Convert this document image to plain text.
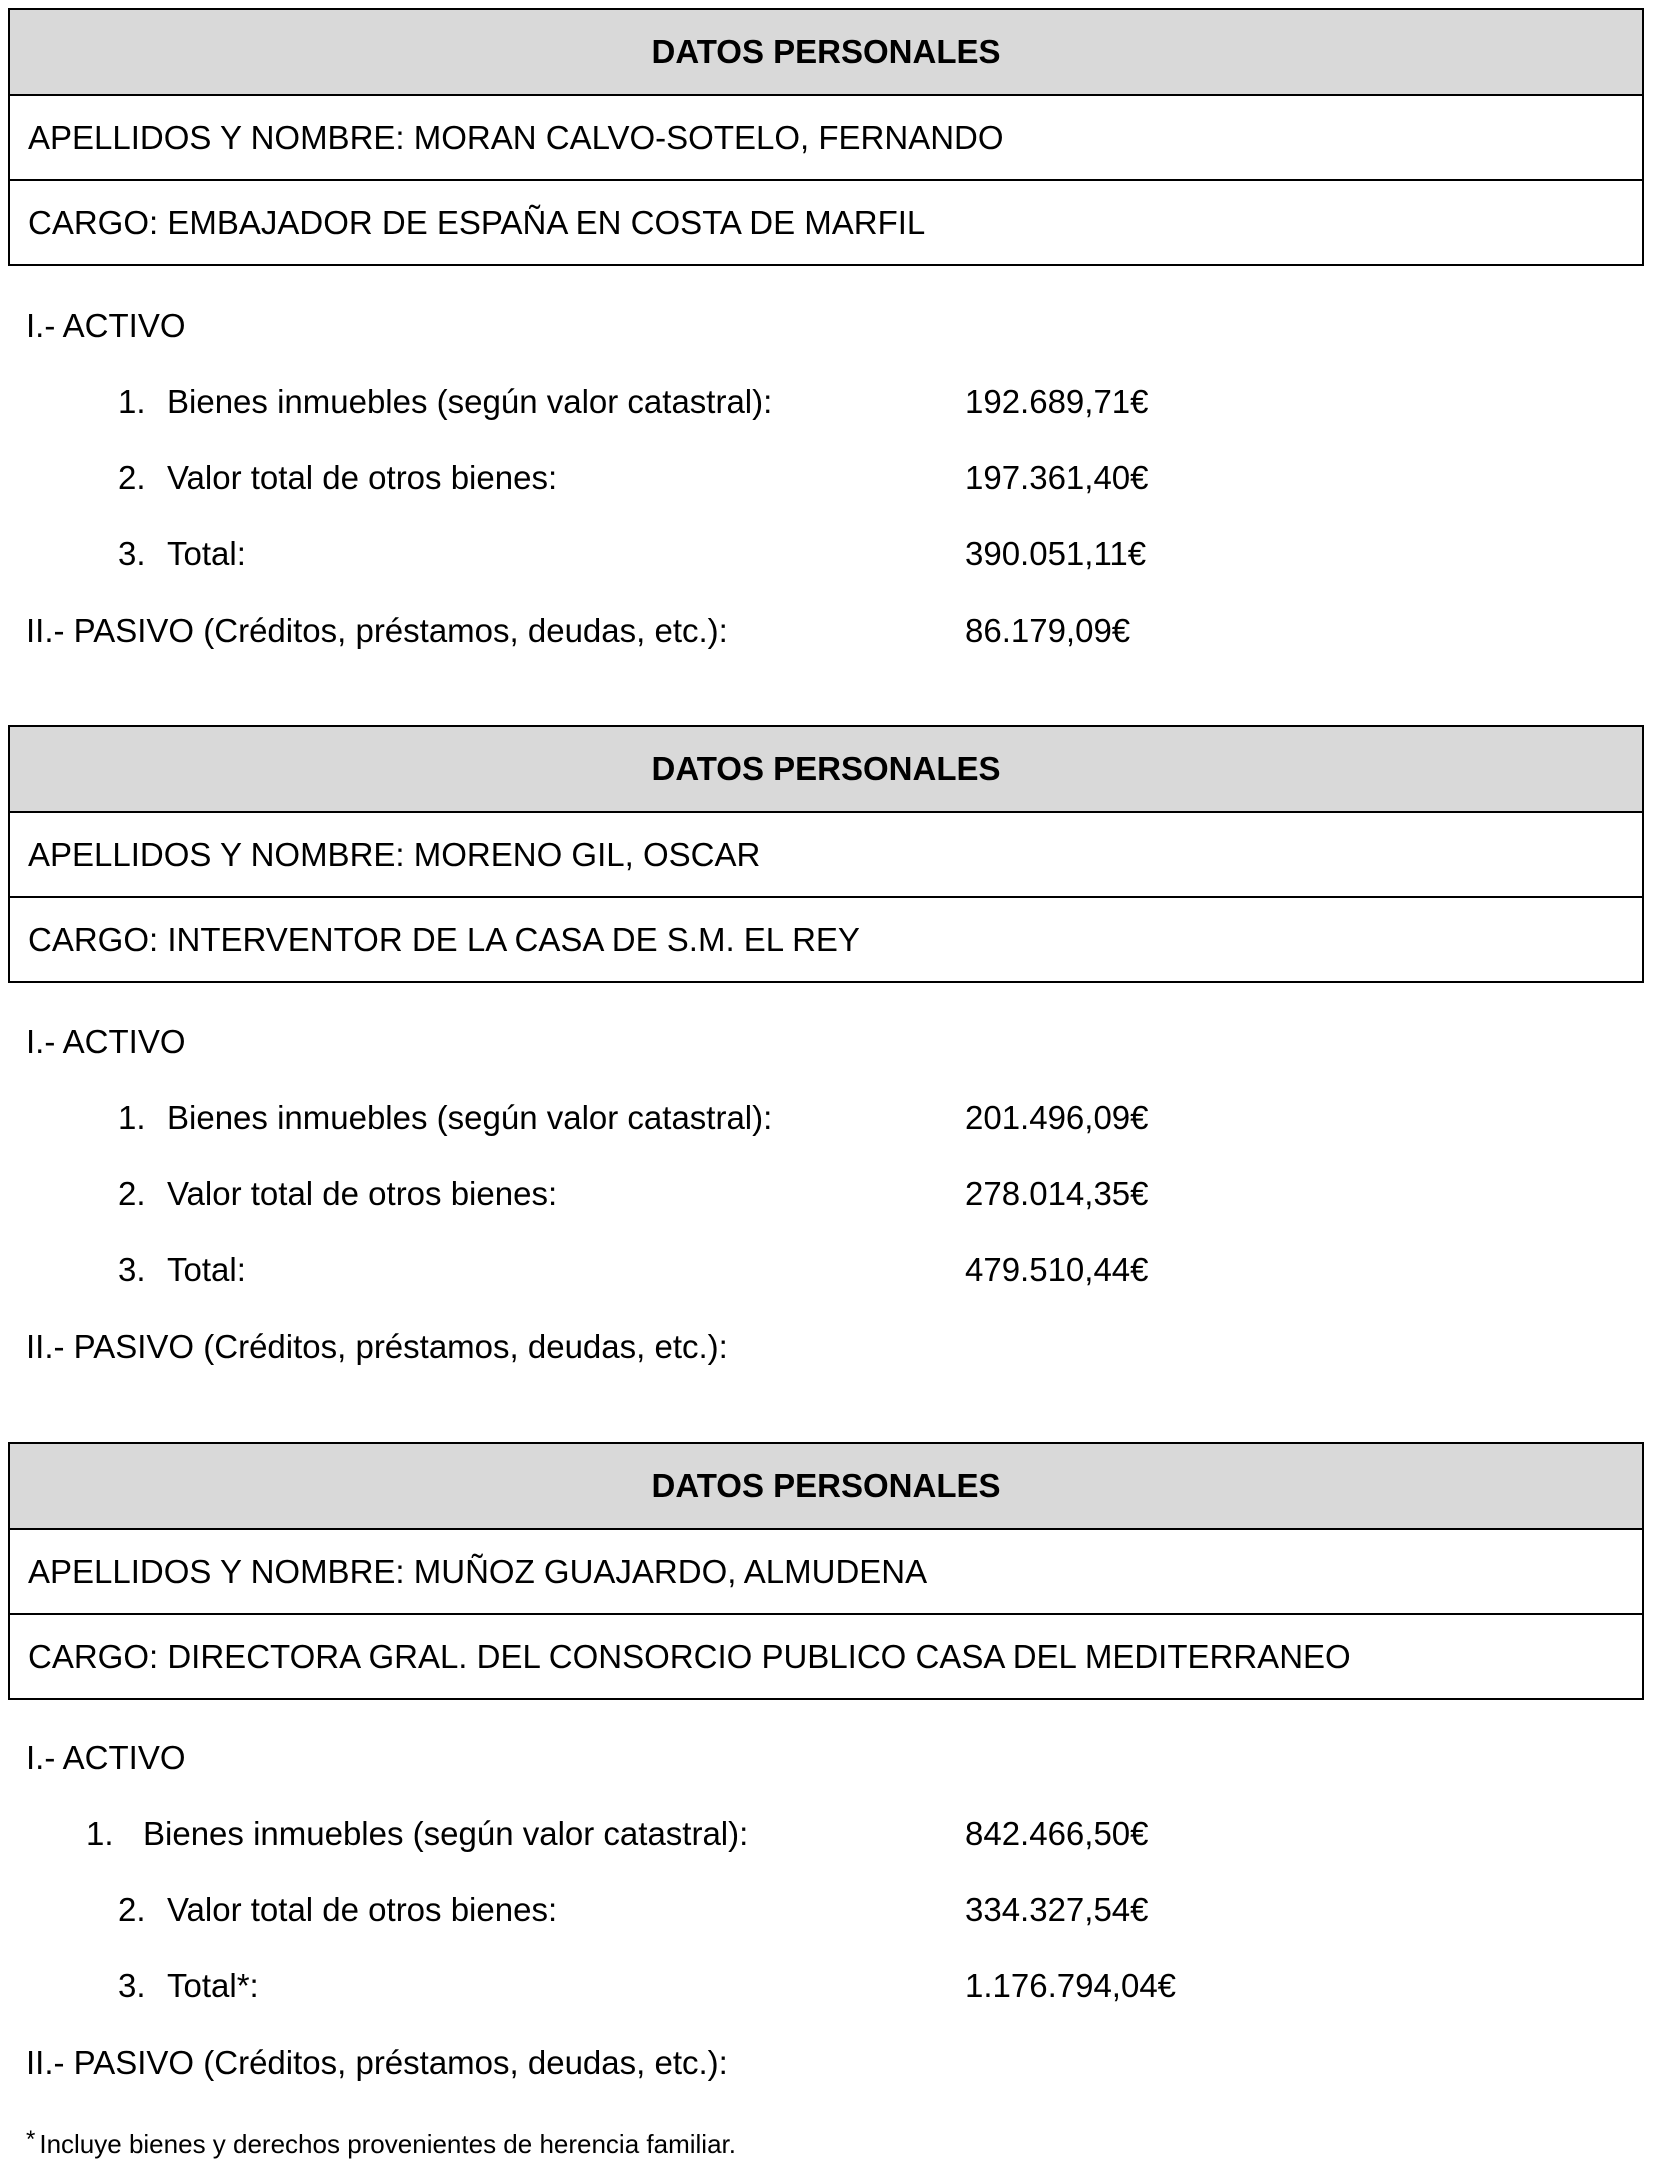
DATOS PERSONALES
APELLIDOS Y NOMBRE: MORAN CALVO-SOTELO, FERNANDO
CARGO: EMBAJADOR DE ESPAÑA EN COSTA DE MARFIL
I.- ACTIVO
1. Bienes inmuebles (según valor catastral):	192.689,71€
2. Valor total de otros bienes:	197.361,40€
3. Total:	390.051,11€
II.- PASIVO (Créditos, préstamos, deudas, etc.):	86.179,09€
DATOS PERSONALES
APELLIDOS Y NOMBRE: MORENO GIL, OSCAR
CARGO: INTERVENTOR DE LA CASA DE S.M. EL REY
I.- ACTIVO
1. Bienes inmuebles (según valor catastral):	201.496,09€
2. Valor total de otros bienes:	278.014,35€
3. Total:	479.510,44€
II.- PASIVO (Créditos, préstamos, deudas, etc.):
DATOS PERSONALES
APELLIDOS Y NOMBRE: MUÑOZ GUAJARDO, ALMUDENA
CARGO: DIRECTORA GRAL. DEL CONSORCIO PUBLICO CASA DEL MEDITERRANEO
I.- ACTIVO
1. Bienes inmuebles (según valor catastral):	842.466,50€
2. Valor total de otros bienes:	334.327,54€
3. Total*:	1.176.794,04€
II.- PASIVO (Créditos, préstamos, deudas, etc.):
* Incluye bienes y derechos provenientes de herencia familiar.
